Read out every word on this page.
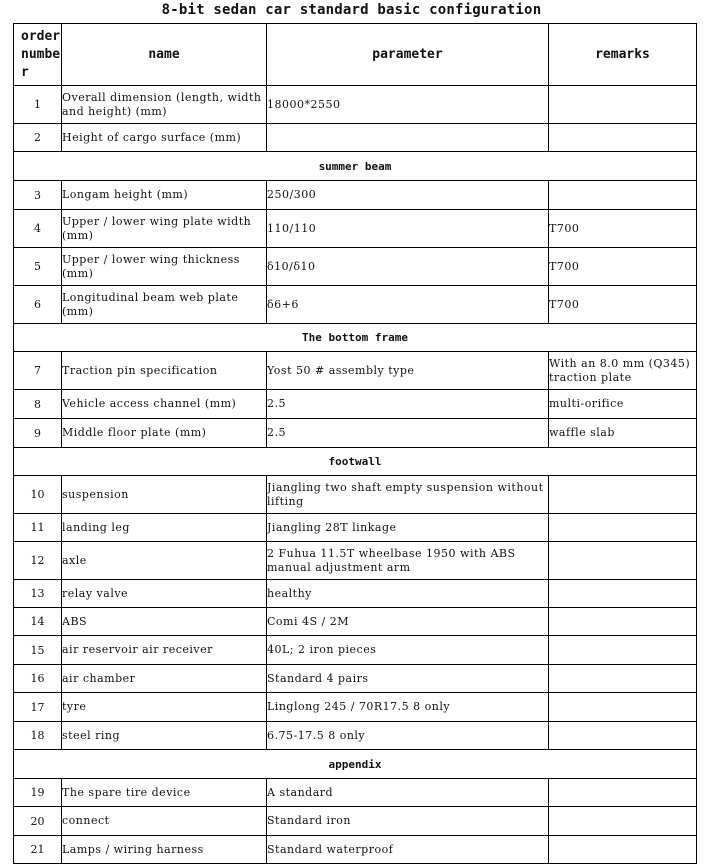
8-bit sedan car standard basic configuration
order numbe r	name	parameter	remarks
1	Overall dimension (length, width and height) (mm)	18000*2550	
2	Height of cargo surface (mm)		
summer beam			
3	Longam height (mm)	250/300	
4	Upper / lower wing plate width (mm)	110/110	T700
5	Upper / lower wing thickness (mm)	δ10/δ10	T700
6	Longitudinal beam web plate (mm)	δ6+6	T700
The bottom frame			
7	Traction pin specification	Yost 50 # assembly type	With an 8.0 mm (Q345) traction plate
8	Vehicle access channel (mm)	2.5	multi-orifice
9	Middle floor plate (mm)	2.5	waffle slab
footwall			
10	suspension	Jiangling two shaft empty suspension without lifting	
11	landing leg	Jiangling 28T linkage	
12	axle	2 Fuhua 11.5T wheelbase 1950 with ABS manual adjustment arm	
13	relay valve	healthy	
14	ABS	Comi 4S / 2M	
15	air reservoir air receiver	40L; 2 iron pieces	
16	air chamber	Standard 4 pairs	
17	tyre	Linglong 245 / 70R17.5 8 only	
18	steel ring	6.75-17.5 8 only	
appendix			
19	The spare tire device	A standard	
20	connect	Standard iron	
21	Lamps / wiring harness	Standard waterproof	
